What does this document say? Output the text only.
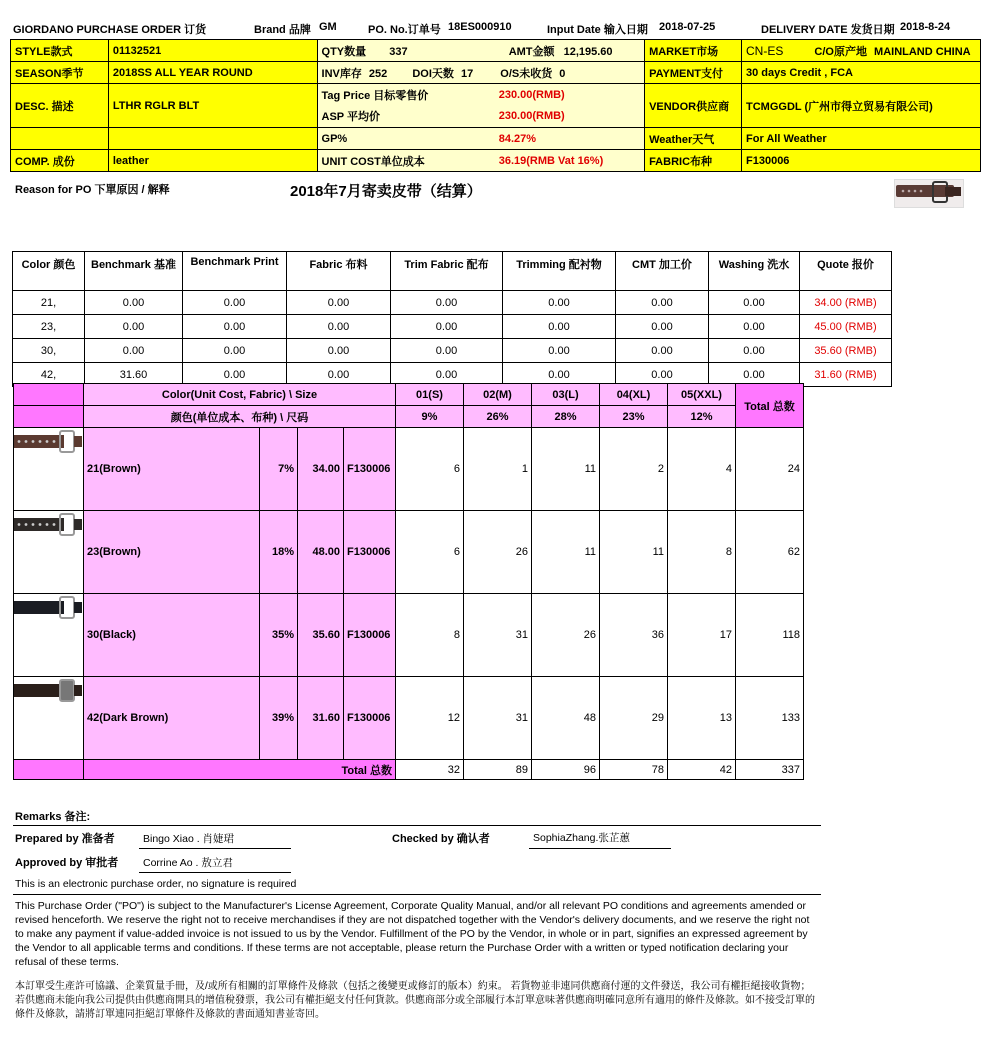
GIORDANO PURCHASE ORDER 订货	Brand 品牌 GM	PO. No.订单号 18ES000910	Input Date 输入日期 2018-07-25	DELIVERY DATE 发货日期 2018-8-24
STYLE款式	01132521	QTY数量 337	AMT金额 12,195.60	MARKET市场	CN-ES C/O原产地 MAINLAND CHINA
SEASON季节	2018SS ALL YEAR ROUND	INV库存 252 DOI天数 17 O/S未收货 0		PAYMENT支付	30 days Credit , FCA
DESC. 描述	LTHR RGLR BLT	Tag Price 目标零售价	230.00(RMB)	VENDOR供应商	TCMGGDL (广州市得立贸易有限公司)
		ASP 平均价	230.00(RMB)		
		GP%	84.27%	Weather天气	For All Weather
COMP. 成份	leather	UNIT COST单位成本	36.19(RMB Vat 16%)	FABRIC布种	F130006
Reason for PO 下單原因 / 解释	2018年7月寄卖皮带（结算）
Color 颜色	Benchmark 基准	Benchmark Print	Fabric 布料	Trim Fabric 配布	Trimming 配衬物	CMT 加工价	Washing 洗水	Quote 报价
21,	0.00	0.00	0.00	0.00	0.00	0.00	0.00	34.00 (RMB)
23,	0.00	0.00	0.00	0.00	0.00	0.00	0.00	45.00 (RMB)
30,	0.00	0.00	0.00	0.00	0.00	0.00	0.00	35.60 (RMB)
42,	31.60	0.00	0.00	0.00	0.00	0.00	0.00	31.60 (RMB)
	Color(Unit Cost, Fabric) \ Size				01(S)	02(M)	03(L)	04(XL)	05(XXL)	Total 总数
	颜色(单位成本、布种) \ 尺码				9%	26%	28%	23%	12%	
	21(Brown)	7%	34.00	F130006	6	1	11	2	4	24
	23(Brown)	18%	48.00	F130006	6	26	11	11	8	62
	30(Black)	35%	35.60	F130006	8	31	26	36	17	118
	42(Dark Brown)	39%	31.60	F130006	12	31	48	29	13	133
	Total 总数				32	89	96	78	42	337
Remarks 备注:
Prepared by 准备者	Bingo Xiao . 肖婕珺	Checked by 确认者	SophiaZhang.张芷蕙
Approved by 审批者 Corrine Ao . 敖立君
This is an electronic purchase order, no signature is required
This Purchase Order ("PO") is subject to the Manufacturer's License Agreement, Corporate Quality Manual, and/or all relevant PO conditions and agreements amended or revised henceforth. We reserve the right not to receive merchandises if they are not dispatched together with the Vendor's delivery documents, and we reserve the right not to make any payment if value-added invoice is not issued to us by the Vendor. Fulfillment of the PO by the Vendor, in whole or in part, signifies an expressed agreement by the Vendor to all applicable terms and conditions. If these terms are not acceptable, please return the Purchase Order with a written or typed notification declaring your refusal of these terms.
本訂單受生產許可協議、企業質量手冊，及/或所有相關的訂單條件及條款（包括之後變更或修訂的版本）約束。 若貨物並非連同供應商付運的文件發送，我公司有權拒絕接收貨物；若供應商未能向我公司提供由供應商開具的增值稅發票，我公司有權拒絕支付任何貨款。供應商部分或全部履行本訂單意味著供應商明確同意所有適用的條件及條款。如不接受訂單的條件及條款，請將訂單連同拒絕訂單條件及條款的書面通知書並寄回。
